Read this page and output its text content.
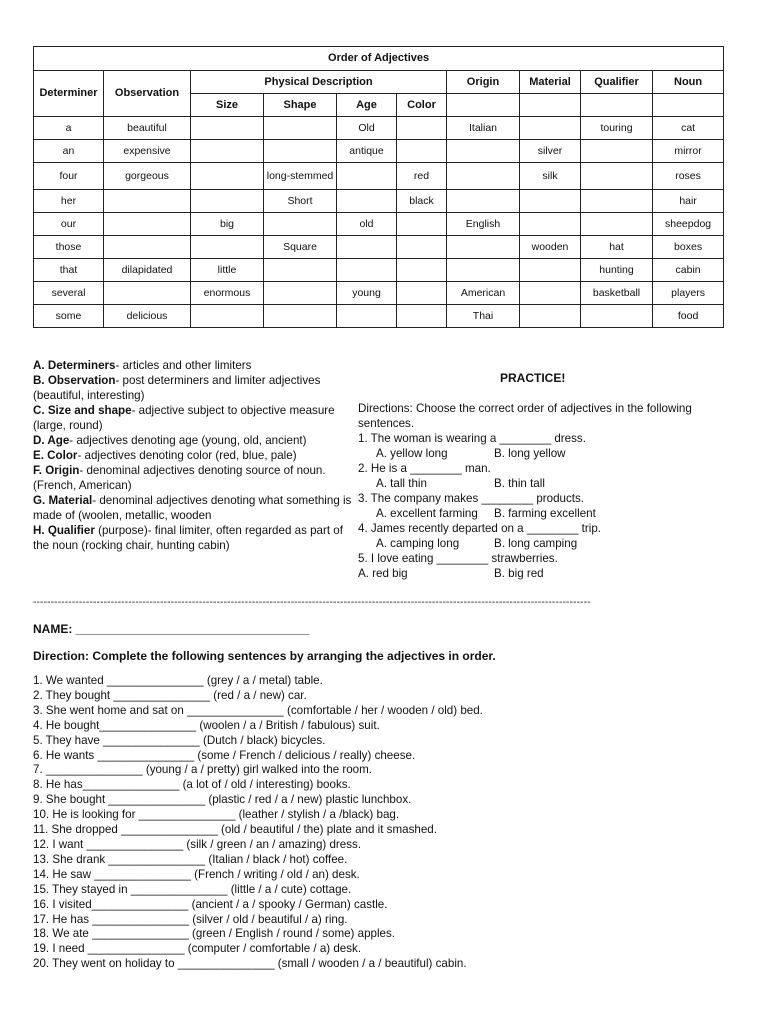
Order of Adjectives									
Determiner	Observation	Physical Description				Origin	Material	Qualifier	Noun
		Size	Shape	Age	Color				
a	beautiful			Old		Italian		touring	cat
an	expensive			antique			silver		mirror
four	gorgeous		long-stemmed		red		silk		roses
her			Short		black				hair
our		big		old		English			sheepdog
those			Square				wooden	hat	boxes
that	dilapidated	little						hunting	cabin
several		enormous		young		American		basketball	players
some	delicious					Thai			food

A. Determiners- articles and other limiters

B. Observation- post determiners and limiter adjectives (beautiful, interesting)

C. Size and shape- adjective subject to objective measure (large, round)

D. Age- adjectives denoting age (young, old, ancient)

E. Color- adjectives denoting color (red, blue, pale)

F. Origin- denominal adjectives denoting source of noun. (French, American)

G. Material- denominal adjectives denoting what something is made of (woolen, metallic, wooden

H. Qualifier (purpose)- final limiter, often regarded as part of the noun (rocking chair, hunting cabin)

PRACTICE!

Directions: Choose the correct order of adjectives in the following

sentences.

1. The woman is wearing a ________ dress.

A. yellow long	B. long yellow

2. He is a ________ man.

A. tall thin	B. thin tall

3. The company makes ________ products.

A. excellent farming B. farming excellent

4. James recently departed on a ________ trip.

A. camping long	B. long camping

5. I love eating ________ strawberries.

A. red big	B. big red

--------------------------------------------------------------------------------------------------------------------------------------------------------------
NAME: ___________________________________
Direction: Complete the following sentences by arranging the adjectives in order.

1. We wanted _______________ (grey / a / metal) table.

2. They bought _______________ (red / a / new) car.

3. She went home and sat on _______________ (comfortable / her / wooden / old) bed.

4. He bought_______________ (woolen / a / British / fabulous) suit.

5. They have _______________ (Dutch / black) bicycles.

6. He wants _______________ (some / French / delicious / really) cheese.

7. _______________ (young / a / pretty) girl walked into the room.

8. He has_______________ (a lot of / old / interesting) books.

9. She bought _______________ (plastic / red / a / new) plastic lunchbox.

10. He is looking for _______________ (leather / stylish / a /black) bag.

11. She dropped _______________ (old / beautiful / the) plate and it smashed.

12. I want _______________ (silk / green / an / amazing) dress.

13. She drank _______________ (Italian / black / hot) coffee.

14. He saw _______________ (French / writing / old / an) desk.

15. They stayed in _______________ (little / a / cute) cottage.

16. I visited_______________ (ancient / a / spooky / German) castle.

17. He has _______________ (silver / old / beautiful / a) ring.

18. We ate _______________ (green / English / round / some) apples.

19. I need _______________ (computer / comfortable / a) desk.

20. They went on holiday to _______________ (small / wooden / a / beautiful) cabin.
